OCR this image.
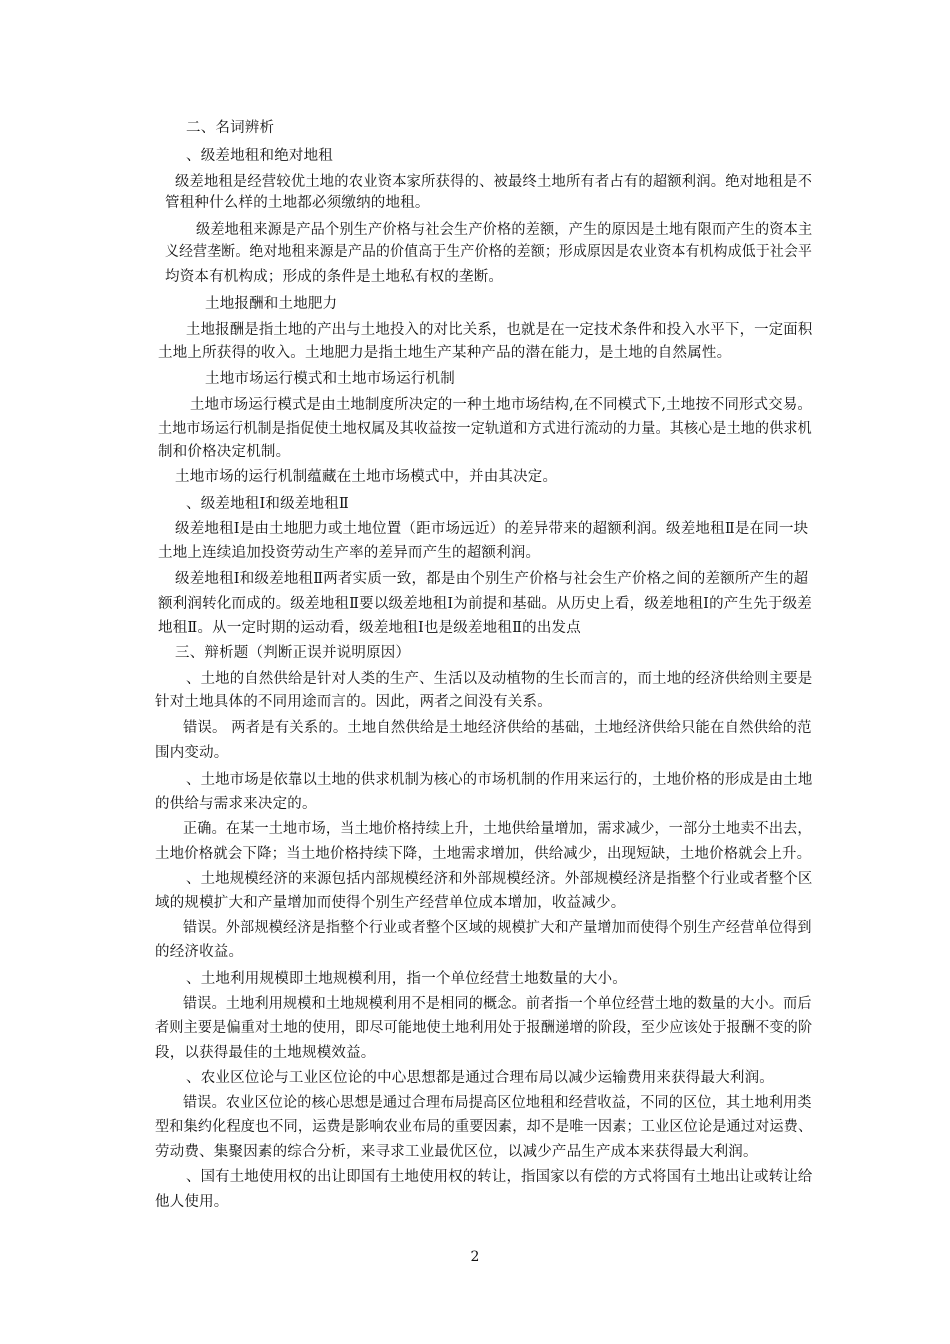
二、名词辨析
、级差地租和绝对地租
级差地租是经营较优土地的农业资本家所获得的、被最终土地所有者占有的超额利润。绝对地租是不
管租种什么样的土地都必须缴纳的地租。
级差地租来源是产品个别生产价格与社会生产价格的差额，产生的原因是土地有限而产生的资本主
义经营垄断。绝对地租来源是产品的价值高于生产价格的差额；形成原因是农业资本有机构成低于社会平
均资本有机构成；形成的条件是土地私有权的垄断。
土地报酬和土地肥力
土地报酬是指土地的产出与土地投入的对比关系，也就是在一定技术条件和投入水平下，一定面积
土地上所获得的收入。土地肥力是指土地生产某种产品的潜在能力，是土地的自然属性。
土地市场运行模式和土地市场运行机制
土地市场运行模式是由土地制度所决定的一种土地市场结构,在不同模式下,土地按不同形式交易。
土地市场运行机制是指促使土地权属及其收益按一定轨道和方式进行流动的力量。其核心是土地的供求机
制和价格决定机制。
土地市场的运行机制蕴藏在土地市场模式中，并由其决定。
、级差地租Ⅰ和级差地租Ⅱ
级差地租Ⅰ是由土地肥力或土地位置（距市场远近）的差异带来的超额利润。级差地租Ⅱ是在同一块
土地上连续追加投资劳动生产率的差异而产生的超额利润。
级差地租Ⅰ和级差地租Ⅱ两者实质一致，都是由个别生产价格与社会生产价格之间的差额所产生的超
额利润转化而成的。级差地租Ⅱ要以级差地租Ⅰ为前提和基础。从历史上看，级差地租Ⅰ的产生先于级差
地租Ⅱ。从一定时期的运动看，级差地租Ⅰ也是级差地租Ⅱ的出发点
三、辩析题（判断正误并说明原因）
、土地的自然供给是针对人类的生产、生活以及动植物的生长而言的，而土地的经济供给则主要是
针对土地具体的不同用途而言的。因此，两者之间没有关系。
错误。 两者是有关系的。土地自然供给是土地经济供给的基础，土地经济供给只能在自然供给的范
围内变动。
、土地市场是依靠以土地的供求机制为核心的市场机制的作用来运行的，土地价格的形成是由土地
的供给与需求来决定的。
正确。在某一土地市场，当土地价格持续上升，土地供给量增加，需求减少，一部分土地卖不出去，
土地价格就会下降；当土地价格持续下降，土地需求增加，供给减少，出现短缺，土地价格就会上升。
、土地规模经济的来源包括内部规模经济和外部规模经济。外部规模经济是指整个行业或者整个区
域的规模扩大和产量增加而使得个别生产经营单位成本增加，收益减少。
错误。外部规模经济是指整个行业或者整个区域的规模扩大和产量增加而使得个别生产经营单位得到
的经济收益。
、土地利用规模即土地规模利用，指一个单位经营土地数量的大小。
错误。土地利用规模和土地规模利用不是相同的概念。前者指一个单位经营土地的数量的大小。而后
者则主要是偏重对土地的使用，即尽可能地使土地利用处于报酬递增的阶段，至少应该处于报酬不变的阶
段，以获得最佳的土地规模效益。
、农业区位论与工业区位论的中心思想都是通过合理布局以减少运输费用来获得最大利润。
错误。农业区位论的核心思想是通过合理布局提高区位地租和经营收益，不同的区位，其土地利用类
型和集约化程度也不同，运费是影响农业布局的重要因素，却不是唯一因素；工业区位论是通过对运费、
劳动费、集聚因素的综合分析，来寻求工业最优区位，以减少产品生产成本来获得最大利润。
、国有土地使用权的出让即国有土地使用权的转让，指国家以有偿的方式将国有土地出让或转让给
他人使用。
2
